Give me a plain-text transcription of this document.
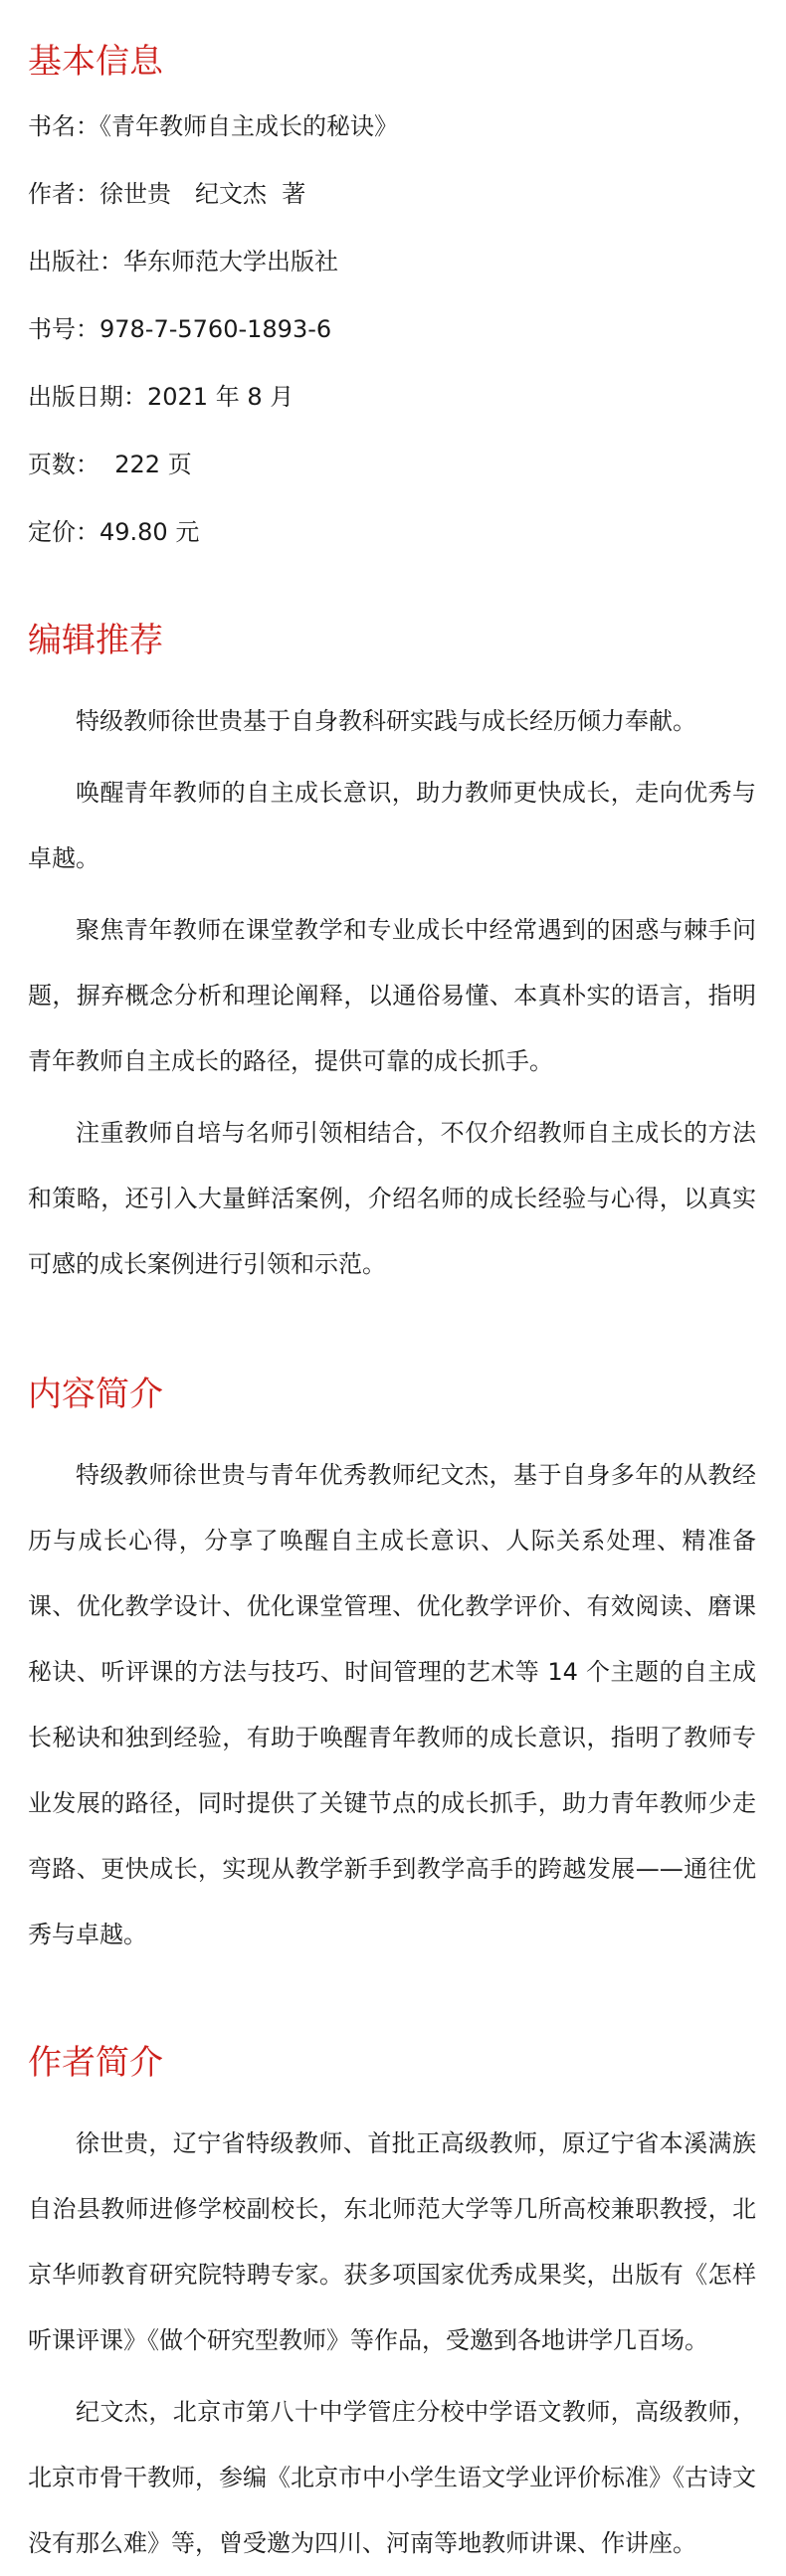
基本信息

书名：《青年教师自主成长的秘诀》

作者：徐世贵　纪文杰  著

出版社：华东师范大学出版社

书号：978-7-5760-1893-6

出版日期：2021 年 8 月

页数：  222 页

定价：49.80 元

编辑推荐

特级教师徐世贵基于自身教科研实践与成长经历倾力奉献。

唤醒青年教师的自主成长意识，助力教师更快成长，走向优秀与卓越。

聚焦青年教师在课堂教学和专业成长中经常遇到的困惑与棘手问题，摒弃概念分析和理论阐释，以通俗易懂、本真朴实的语言，指明青年教师自主成长的路径，提供可靠的成长抓手。

注重教师自培与名师引领相结合，不仅介绍教师自主成长的方法和策略，还引入大量鲜活案例，介绍名师的成长经验与心得，以真实可感的成长案例进行引领和示范。

内容简介

特级教师徐世贵与青年优秀教师纪文杰，基于自身多年的从教经历与成长心得，分享了唤醒自主成长意识、人际关系处理、精准备课、优化教学设计、优化课堂管理、优化教学评价、有效阅读、磨课秘诀、听评课的方法与技巧、时间管理的艺术等 14 个主题的自主成长秘诀和独到经验，有助于唤醒青年教师的成长意识，指明了教师专业发展的路径，同时提供了关键节点的成长抓手，助力青年教师少走弯路、更快成长，实现从教学新手到教学高手的跨越发展——通往优秀与卓越。

作者简介

徐世贵，辽宁省特级教师、首批正高级教师，原辽宁省本溪满族自治县教师进修学校副校长，东北师范大学等几所高校兼职教授，北京华师教育研究院特聘专家。获多项国家优秀成果奖，出版有《怎样听课评课》《做个研究型教师》等作品，受邀到各地讲学几百场。

纪文杰，北京市第八十中学管庄分校中学语文教师，高级教师，北京市骨干教师，参编《北京市中小学生语文学业评价标准》《古诗文没有那么难》等，曾受邀为四川、河南等地教师讲课、作讲座。
